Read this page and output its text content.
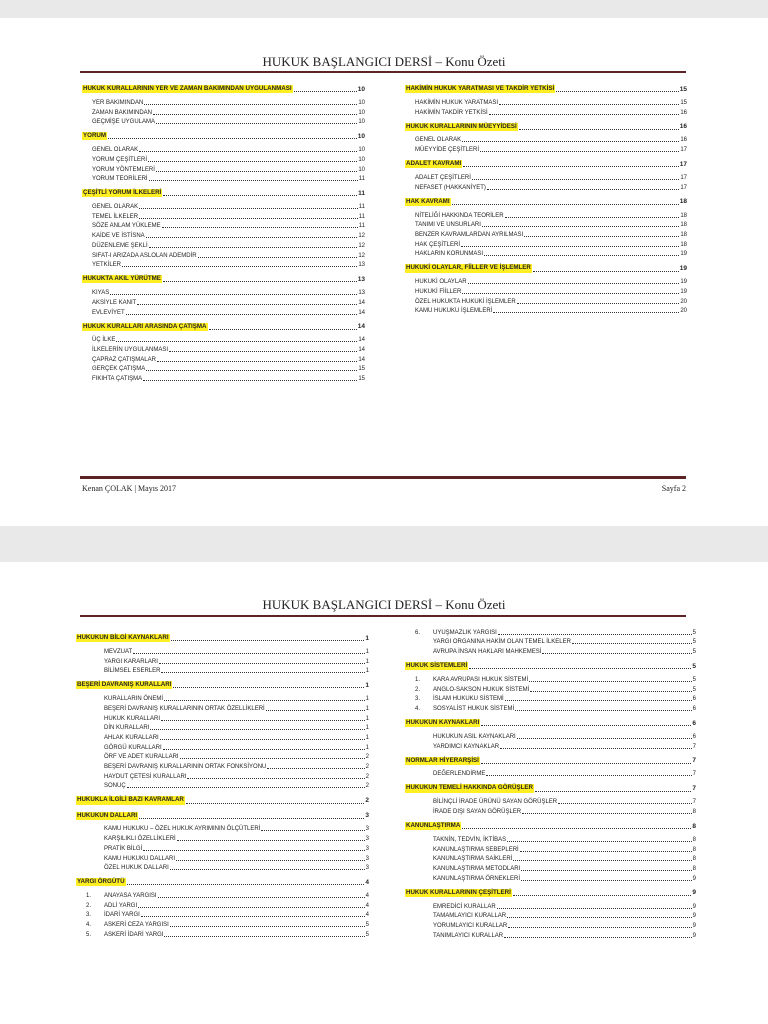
HUKUK BAŞLANGICI DERSİ – Konu Özeti
HUKUK KURALLARININ YER VE ZAMAN BAKIMINDAN UYGULANMASI	10
YER BAKIMINDAN	10
ZAMAN BAKIMINDAN	10
GEÇMİŞE UYGULAMA	10
YORUM	10
GENEL OLARAK	10
YORUM ÇEŞİTLERİ	10
YORUM YÖNTEMLERİ	10
YORUM TEORİLERİ	11
ÇEŞİTLİ YORUM İLKELERİ	11
GENEL OLARAK	11
TEMEL İLKELER	11
SÖZE ANLAM YÜKLEME	11
KAİDE VE İSTİSNA	12
DÜZENLEME ŞEKLİ	12
SIFAT-I ARIZADA ASLOLAN ADEMDİR	12
YETKİLER	13
HUKUKTA AKIL YÜRÜTME	13
KIYAS	13
AKSİYLE KANIT	14
EVLEVİYET	14
HUKUK KURALLARI ARASINDA ÇATIŞMA	14
ÜÇ İLKE	14
İLKELERİN UYGULANMASI	14
ÇAPRAZ ÇATIŞMALAR	14
GERÇEK ÇATIŞMA	15
FIKIHTA ÇATIŞMA	15
HAKİMİN HUKUK YARATMASI VE TAKDİR YETKİSİ	15
HAKİMİN HUKUK YARATMASI	15
HAKİMİN TAKDİR YETKİSİ	16
HUKUK KURALLARININ MÜEYYİDESİ	16
GENEL OLARAK	16
MÜEYYİDE ÇEŞİTLERİ	17
ADALET KAVRAMI	17
ADALET ÇEŞİTLERİ	17
NEFASET (HAKKANİYET)	17
HAK KAVRAMI	18
NİTELİĞİ HAKKINDA TEORİLER	18
TANIMI VE UNSURLARI	18
BENZER KAVRAMLARDAN AYRILMASI	18
HAK ÇEŞİTLERİ	18
HAKLARIN KORUNMASI	19
HUKUKİ OLAYLAR, FİİLLER VE İŞLEMLER	19
HUKUKİ OLAYLAR	19
HUKUKİ FİİLLER	19
ÖZEL HUKUKTA HUKUKİ İŞLEMLER	20
KAMU HUKUKU İŞLEMLERİ	20
Kenan ÇOLAK | Mayıs 2017	Sayfa 2
HUKUK BAŞLANGICI DERSİ – Konu Özeti
HUKUKUN BİLGİ KAYNAKLARI	1
MEVZUAT	1
YARGI KARARLARI	1
BİLİMSEL ESERLER	1
BEŞERİ DAVRANIŞ KURALLARI	1
KURALLARIN ÖNEMİ	1
BEŞERİ DAVRANIŞ KURALLARININ ORTAK ÖZELLİKLERİ	1
HUKUK KURALLARI	1
DİN KURALLARI	1
AHLAK KURALLARI	1
GÖRGÜ KURALLARI	1
ÖRF VE ADET KURALLARI	2
BEŞERİ DAVRANIŞ KURALLARININ ORTAK FONKSİYONU	2
HAYDUT ÇETESİ KURALLARI	2
SONUÇ	2
HUKUKLA İLGİLİ BAZI KAVRAMLAR	2
HUKUKUN DALLARI	3
KAMU HUKUKU – ÖZEL HUKUK AYRIMININ ÖLÇÜTLERİ	3
KARŞILIKLI ÖZELLİKLERİ	3
PRATİK BİLGİ	3
KAMU HUKUKU DALLARI	3
ÖZEL HUKUK DALLARI	3
YARGI ÖRGÜTÜ	4
1.	ANAYASA YARGISI	4
2.	ADLİ YARGI	4
3.	İDARİ YARGI	4
4.	ASKERİ CEZA YARGISI	5
5.	ASKERİ İDARİ YARGI	5
6.	UYUŞMAZLIK YARGISI	5
YARGI ORGANINA HAKİM OLAN TEMEL İLKELER	5
AVRUPA İNSAN HAKLARI MAHKEMESİ	5
HUKUK SİSTEMLERİ	5
1.	KARA AVRUPASI HUKUK SİSTEMİ	5
2.	ANGLO-SAKSON HUKUK SİSTEMİ	5
3.	İSLAM HUKUKU SİSTEMİ	6
4.	SOSYALİST HUKUK SİSTEMİ	6
HUKUKUN KAYNAKLARI	6
HUKUKUN ASIL KAYNAKLARI	6
YARDIMCI KAYNAKLAR	7
NORMLAR HİYERARŞİSİ	7
DEĞERLENDİRME	7
HUKUKUN TEMELİ HAKKINDA GÖRÜŞLER	7
BİLİNÇLİ İRADE ÜRÜNÜ SAYAN GÖRÜŞLER	7
İRADE DIŞI SAYAN GÖRÜŞLER	8
KANUNLAŞTIRMA	8
TAKNİN, TEDVİN, İKTİBAS	8
KANUNLAŞTIRMA SEBEPLERİ	8
KANUNLAŞTIRMA SAİKLERİ	8
KANUNLAŞTIRMA METODLARI	8
KANUNLAŞTIRMA ÖRNEKLERİ	9
HUKUK KURALLARININ ÇEŞİTLERİ	9
EMREDİCİ KURALLAR	9
TAMAMLAYICI KURALLAR	9
YORUMLAYICI KURALLAR	9
TANIMLAYICI KURALLAR	9
